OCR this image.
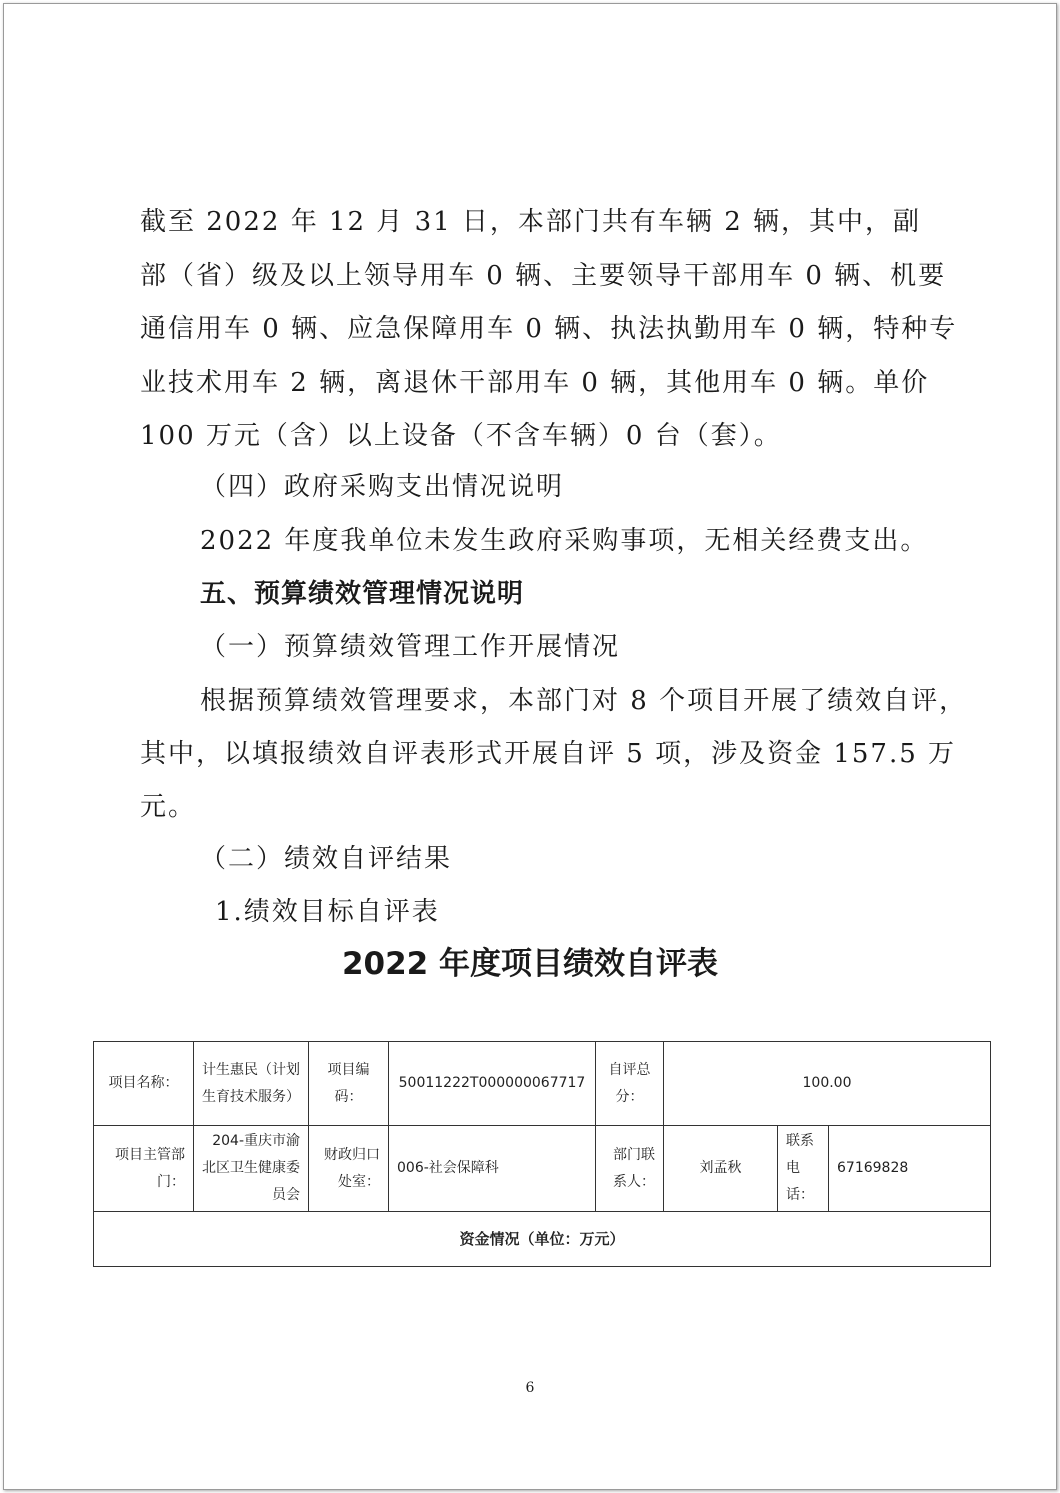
截至 2022 年 12 月 31 日，本部门共有车辆 2 辆，其中，副
部（省）级及以上领导用车 0 辆、主要领导干部用车 0 辆、机要
通信用车 0 辆、应急保障用车 0 辆、执法执勤用车 0 辆，特种专
业技术用车 2 辆，离退休干部用车 0 辆，其他用车 0 辆。单价
100 万元（含）以上设备（不含车辆）0 台（套）。
（四）政府采购支出情况说明
2022 年度我单位未发生政府采购事项，无相关经费支出。
五、预算绩效管理情况说明
（一）预算绩效管理工作开展情况
根据预算绩效管理要求，本部门对 8 个项目开展了绩效自评，
其中，以填报绩效自评表形式开展自评 5 项，涉及资金 157.5 万
元。
（二）绩效自评结果
1.绩效目标自评表
2022 年度项目绩效自评表
项目名称：	计生惠民（计划生育技术服务）	项目编码：	50011222T000000067717	自评总分：	100.00		
项目主管部门：	204-重庆市渝北区卫生健康委员会	财政归口处室：	006-社会保障科	部门联系人：	刘孟秋	联系电话：	67169828
资金情况（单位：万元）							
6
